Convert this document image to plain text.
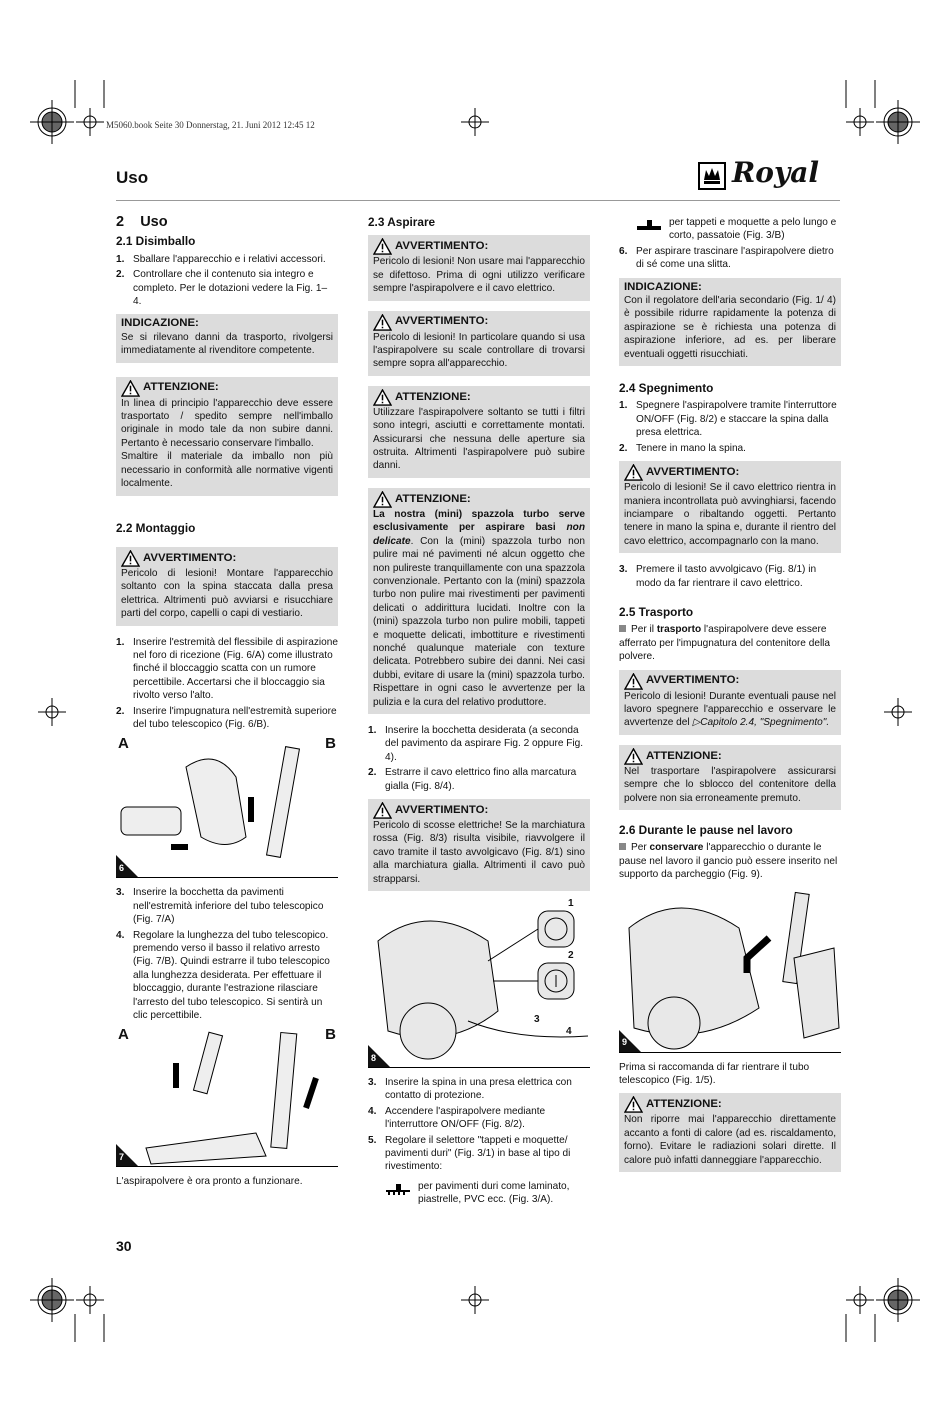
M5060.book Seite 30 Donnerstag, 21. Juni 2012 12:45 12
Uso	Royal
2 Uso
2.1 Disimballo
1. Sballare l'apparecchio e i relativi accessori.
2. Controllare che il contenuto sia integro e completo. Per le dotazioni vedere la Fig. 1– 4.
INDICAZIONE:
Se si rilevano danni da trasporto, rivolgersi immediatamente al rivenditore competente.
ATTENZIONE:
In linea di principio l'apparecchio deve essere trasportato / spedito sempre nell'imballo originale in modo tale da non subire danni. Pertanto è necessario conservare l'imballo.
Smaltire il materiale da imballo non più necessario in conformità alle normative vigenti localmente.
2.2 Montaggio
AVVERTIMENTO:
Pericolo di lesioni! Montare l'apparecchio soltanto con la spina staccata dalla presa elettrica. Altrimenti può avviarsi e risucchiare parti del corpo, capelli o capi di vestiario.
1. Inserire l'estremità del flessibile di aspirazione nel foro di ricezione (Fig. 6/A) come illustrato finché il bloccaggio scatta con un rumore percettibile. Accertarsi che il bloccaggio sia rivolto verso l'alto.
2. Inserire l'impugnatura nell'estremità superiore del tubo telescopico (Fig. 6/B).
A	B
6
3. Inserire la bocchetta da pavimenti nell'estremità inferiore del tubo telescopico (Fig. 7/A)
4. Regolare la lunghezza del tubo telescopico. premendo verso il basso il relativo arresto (Fig. 7/B). Quindi estrarre il tubo telescopico alla lunghezza desiderata. Per effettuare il bloccaggio, durante l'estrazione rilasciare l'arresto del tubo telescopico. Si sentirà un clic percettibile.
A	B
7

L'aspirapolvere è ora pronto a funzionare.

2.3 Aspirare
AVVERTIMENTO:
Pericolo di lesioni! Non usare mai l'apparecchio se difettoso. Prima di ogni utilizzo verificare sempre l'aspirapolvere e il cavo elettrico.
AVVERTIMENTO:
Pericolo di lesioni! In particolare quando si usa l'aspirapolvere su scale controllare di trovarsi sempre sopra all'apparecchio.
ATTENZIONE:
Utilizzare l'aspirapolvere soltanto se tutti i filtri sono integri, asciutti e correttamente montati. Assicurarsi che nessuna delle aperture sia ostruita. Altrimenti l'aspirapolvere può subire danni.
ATTENZIONE:
La nostra (mini) spazzola turbo serve esclusivamente per aspirare basi non delicate. Con la (mini) spazzola turbo non pulire mai né pavimenti né alcun oggetto che non pulireste tranquillamente con una spazzola convenzionale. Pertanto con la (mini) spazzola turbo non pulire mai rivestimenti per pavimenti delicati o addirittura lucidati. Inoltre con la (mini) spazzola turbo non pulire mobili, tappeti e moquette delicati, imbottiture e rivestimenti nonché qualunque materiale con texture delicata. Potrebbero subire dei danni. Nei casi dubbi, evitare di usare la (mini) spazzola turbo. Rispettare in ogni caso le avvertenze per la pulizia e la cura del relativo produttore.
1. Inserire la bocchetta desiderata (a seconda del pavimento da aspirare Fig. 2 oppure Fig. 4).
2. Estrarre il cavo elettrico fino alla marcatura gialla (Fig. 8/4).
AVVERTIMENTO:
Pericolo di scosse elettriche! Se la marchiatura rossa (Fig. 8/3) risulta visibile, riavvolgere il cavo tramite il tasto avvolgicavo (Fig. 8/1) sino alla marchiatura gialla. Altrimenti il cavo può strapparsi.
1
2
3
4
8
3. Inserire la spina in una presa elettrica con contatto di protezione.
4. Accendere l'aspirapolvere mediante l'interruttore ON/OFF (Fig. 8/2).
5. Regolare il selettore "tappeti e moquette/ pavimenti duri" (Fig. 3/1) in base al tipo di rivestimento:
per pavimenti duri come laminato, piastrelle, PVC ecc. (Fig. 3/A).
per tappeti e moquette a pelo lungo e corto, passatoie (Fig. 3/B)
6. Per aspirare trascinare l'aspirapolvere dietro di sé come una slitta.
INDICAZIONE:
Con il regolatore dell'aria secondario (Fig. 1/ 4) è possibile ridurre rapidamente la potenza di aspirazione se è richiesta una potenza di aspirazione inferiore, ad es. per liberare eventuali oggetti risucchiati.
2.4 Spegnimento
1. Spegnere l'aspirapolvere tramite l'interruttore ON/OFF (Fig. 8/2) e staccare la spina dalla presa elettrica.
2. Tenere in mano la spina.
AVVERTIMENTO:
Pericolo di lesioni! Se il cavo elettrico rientra in maniera incontrollata può avvinghiarsi, facendo inciampare o ribaltando oggetti. Pertanto tenere in mano la spina e, durante il rientro del cavo elettrico, accompagnarlo con la mano.
3. Premere il tasto avvolgicavo (Fig. 8/1) in modo da far rientrare il cavo elettrico.
2.5 Trasporto

Per il trasporto l'aspirapolvere deve essere afferrato per l'impugnatura del contenitore della polvere.

AVVERTIMENTO:
Pericolo di lesioni! Durante eventuali pause nel lavoro spegnere l'apparecchio e osservare le avvertenze del ▷Capitolo 2.4, "Spegnimento".
ATTENZIONE:
Nel trasportare l'aspirapolvere assicurarsi sempre che lo sblocco del contenitore della polvere non sia erroneamente premuto.
2.6 Durante le pause nel lavoro

Per conservare l'apparecchio o durante le pause nel lavoro il gancio può essere inserito nel supporto da parcheggio (Fig. 9).

9

Prima si raccomanda di far rientrare il tubo telescopico (Fig. 1/5).

ATTENZIONE:
Non riporre mai l'apparecchio direttamente accanto a fonti di calore (ad es. riscaldamento, forno). Evitare le radiazioni solari dirette. Il calore può infatti danneggiare l'apparecchio.
30
